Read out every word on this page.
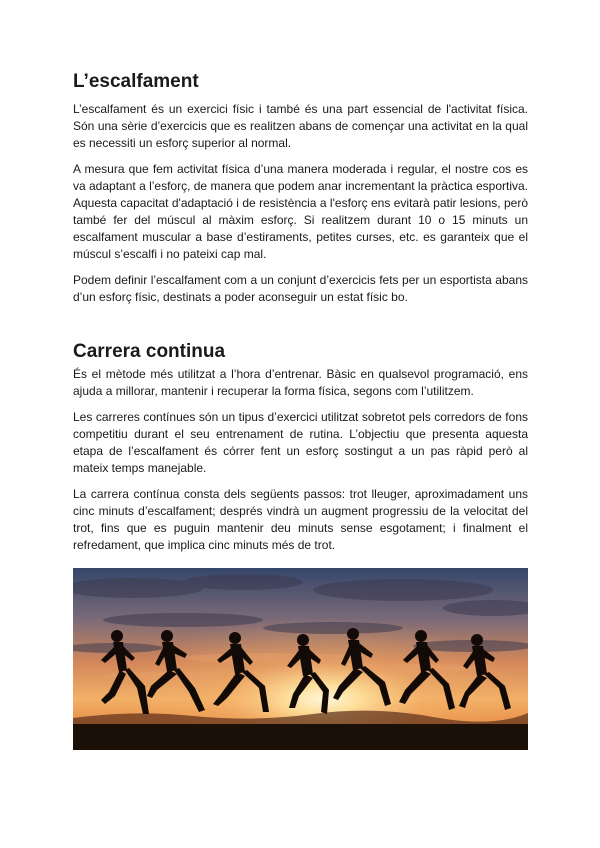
L’escalfament

L’escalfament és un exercici físic i també és una part essencial de l'activitat física. Són una sèrie d’exercicis que es realitzen abans de començar una activitat en la qual es necessiti un esforç superior al normal.

A mesura que fem activitat física d’una manera moderada i regular, el nostre cos es va adaptant a l’esforç, de manera que podem anar incrementant la pràctica esportiva. Aquesta capacitat d'adaptació i de resistència a l'esforç ens evitarà patir lesions, però també fer del múscul al màxim esforç. Si realitzem durant 10 o 15 minuts un escalfament muscular a base d’estiraments, petites curses, etc. es garanteix que el múscul s’escalfi i no pateixi cap mal.

Podem definir l’escalfament com a un conjunt d’exercicis fets per un esportista abans d’un esforç físic, destinats a poder aconseguir un estat físic bo.

Carrera continua

És el mètode més utilitzat a l’hora d’entrenar. Bàsic en qualsevol programació, ens ajuda a millorar, mantenir i recuperar la forma física, segons com l’utilitzem.

Les carreres contínues són un tipus d’exercici utilitzat sobretot pels corredors de fons competitiu durant el seu entrenament de rutina. L’objectiu que presenta aquesta etapa de l’escalfament és córrer fent un esforç sostingut a un pas ràpid però al mateix temps manejable.

La carrera contínua consta dels següents passos: trot lleuger, aproximadament uns cinc minuts d’escalfament; després vindrà un augment progressiu de la velocitat del trot, fins que es puguin mantenir deu minuts sense esgotament; i finalment el refredament, que implica cinc minuts més de trot.
